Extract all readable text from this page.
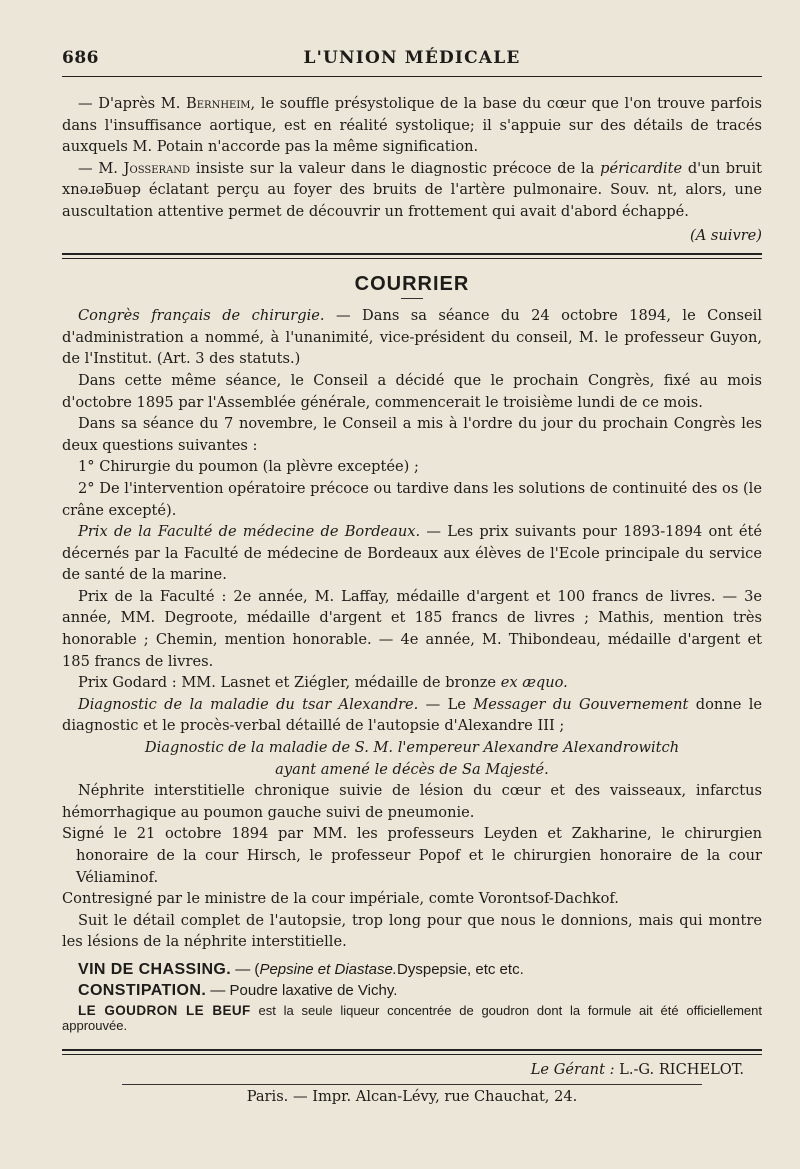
686	L'UNION MÉDICALE

— D'après M. Bernheim, le souffle présystolique de la base du cœur que l'on trouve parfois dans l'insuffisance aortique, est en réalité systolique; il s'appuie sur des détails de tracés auxquels M. Potain n'accorde pas la même signification.

— M. Josserand insiste sur la valeur dans le diagnostic précoce de la péricardite d'un bruit xnəɹəƃuəp éclatant perçu au foyer des bruits de l'artère pulmonaire. Souv. nt, alors, une auscultation attentive permet de découvrir un frottement qui avait d'abord échappé.

(A suivre)

COURRIER

Congrès français de chirurgie. — Dans sa séance du 24 octobre 1894, le Conseil d'administration a nommé, à l'unanimité, vice-président du conseil, M. le professeur Guyon, de l'Institut. (Art. 3 des statuts.)

Dans cette même séance, le Conseil a décidé que le prochain Congrès, fixé au mois d'octobre 1895 par l'Assemblée générale, commencerait le troisième lundi de ce mois.

Dans sa séance du 7 novembre, le Conseil a mis à l'ordre du jour du prochain Congrès les deux questions suivantes :

1° Chirurgie du poumon (la plèvre exceptée) ;

2° De l'intervention opératoire précoce ou tardive dans les solutions de continuité des os (le crâne excepté).

Prix de la Faculté de médecine de Bordeaux. — Les prix suivants pour 1893-1894 ont été décernés par la Faculté de médecine de Bordeaux aux élèves de l'Ecole principale du service de santé de la marine.

Prix de la Faculté : 2e année, M. Laffay, médaille d'argent et 100 francs de livres. — 3e année, MM. Degroote, médaille d'argent et 185 francs de livres ; Mathis, mention très honorable ; Chemin, mention honorable. — 4e année, M. Thibondeau, médaille d'argent et 185 francs de livres.

Prix Godard : MM. Lasnet et Ziégler, médaille de bronze ex æquo.

Diagnostic de la maladie du tsar Alexandre. — Le Messager du Gouvernement donne le diagnostic et le procès-verbal détaillé de l'autopsie d'Alexandre III ;

Diagnostic de la maladie de S. M. l'empereur Alexandre Alexandrowitch

ayant amené le décès de Sa Majesté.

Néphrite interstitielle chronique suivie de lésion du cœur et des vaisseaux, infarctus hémorrhagique au poumon gauche suivi de pneumonie.

Signé le 21 octobre 1894 par MM. les professeurs Leyden et Zakharine, le chirurgien honoraire de la cour Hirsch, le professeur Popof et le chirurgien honoraire de la cour Véliaminof.

Contresigné par le ministre de la cour impériale, comte Vorontsof-Dachkof.

Suit le détail complet de l'autopsie, trop long pour que nous le donnions, mais qui montre les lésions de la néphrite interstitielle.

VIN DE CHASSING. — (Pepsine et Diastase.Dyspepsie, etc etc.

CONSTIPATION. — Poudre laxative de Vichy.

LE GOUDRON LE BEUF est la seule liqueur concentrée de goudron dont la formule ait été officiellement approuvée.

Le Gérant : L.-G. RICHELOT.

Paris. — Impr. Alcan-Lévy, rue Chauchat, 24.
